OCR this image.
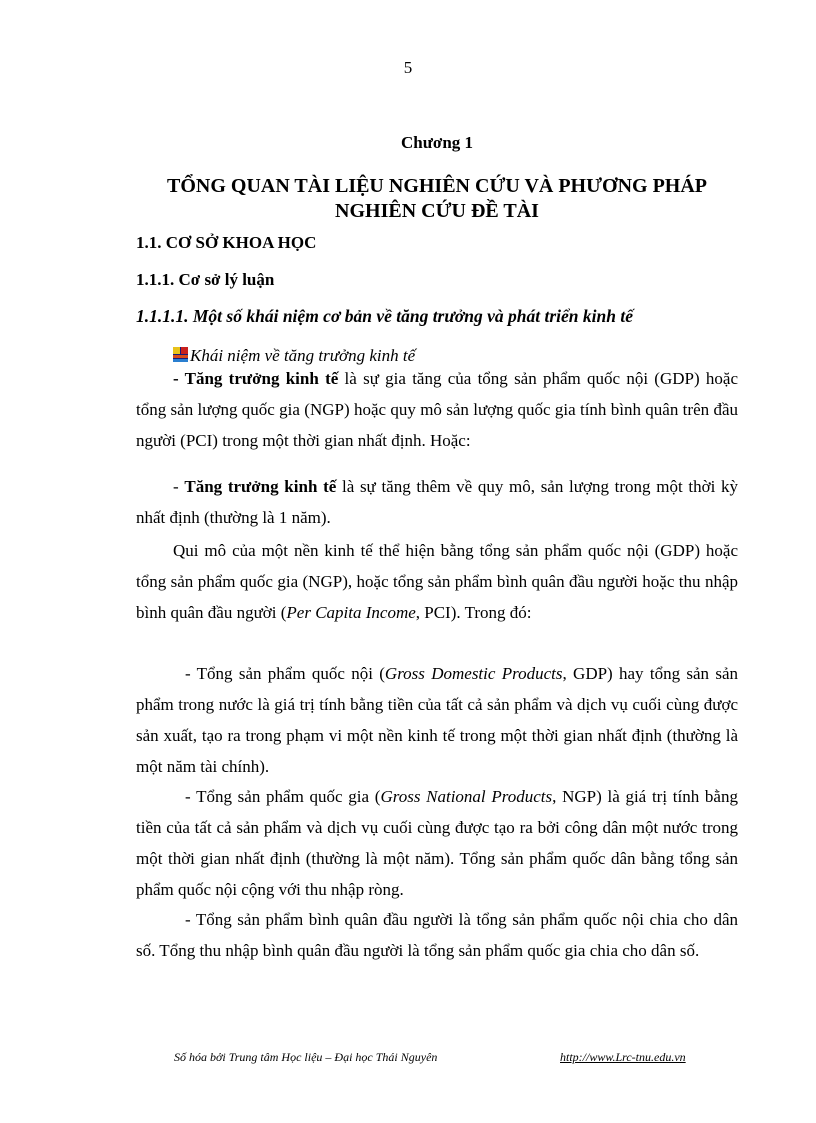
5
Chương 1
TỔNG QUAN TÀI LIỆU NGHIÊN CỨU VÀ PHƯƠNG PHÁP NGHIÊN CỨU ĐỀ TÀI
1.1. CƠ SỞ KHOA HỌC
1.1.1. Cơ sở lý luận
1.1.1.1. Một số khái niệm cơ bản về tăng trưởng và phát triển kinh tế
Khái niệm về tăng trưởng kinh tế

- Tăng trưởng kinh tế là sự gia tăng của tổng sản phẩm quốc nội (GDP) hoặc tổng sản lượng quốc gia (NGP) hoặc quy mô sản lượng quốc gia tính bình quân trên đầu người (PCI) trong một thời gian nhất định. Hoặc:

- Tăng trưởng kinh tế là sự tăng thêm về quy mô, sản lượng trong một thời kỳ nhất định (thường là 1 năm).

Qui mô của một nền kinh tế thể hiện bằng tổng sản phẩm quốc nội (GDP) hoặc tổng sản phẩm quốc gia (NGP), hoặc tổng sản phẩm bình quân đầu người hoặc thu nhập bình quân đầu người (Per Capita Income, PCI). Trong đó:

- Tổng sản phẩm quốc nội (Gross Domestic Products, GDP) hay tổng sản sản phẩm trong nước là giá trị tính bằng tiền của tất cả sản phẩm và dịch vụ cuối cùng được sản xuất, tạo ra trong phạm vi một nền kinh tế trong một thời gian nhất định (thường là một năm tài chính).

- Tổng sản phẩm quốc gia (Gross National Products, NGP) là giá trị tính bằng tiền của tất cả sản phẩm và dịch vụ cuối cùng được tạo ra bởi công dân một nước trong một thời gian nhất định (thường là một năm). Tổng sản phẩm quốc dân bằng tổng sản phẩm quốc nội cộng với thu nhập ròng.

- Tổng sản phẩm bình quân đầu người là tổng sản phẩm quốc nội chia cho dân số. Tổng thu nhập bình quân đầu người là tổng sản phẩm quốc gia chia cho dân số.

Số hóa bởi Trung tâm Học liệu – Đại học Thái Nguyên	http://www.Lrc-tnu.edu.vn
